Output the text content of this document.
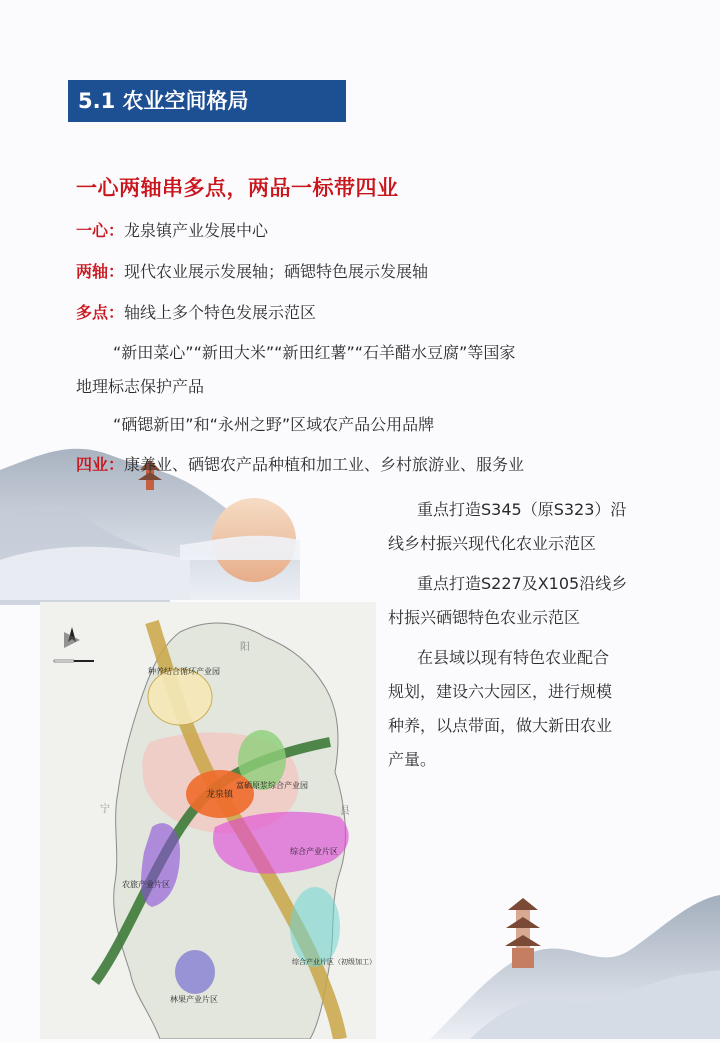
5.1 农业空间格局
一心两轴串多点，两品一标带四业
一心：龙泉镇产业发展中心
两轴：现代农业展示发展轴；硒锶特色展示发展轴
多点：轴线上多个特色发展示范区
“新田菜心”“新田大米”“新田红薯”“石羊醋水豆腐”等国家
地理标志保护产品
“硒锶新田”和“永州之野”区域农产品公用品牌
四业：康养业、硒锶农产品种植和加工业、乡村旅游业、服务业
重点打造S345（原S323）沿
线乡村振兴现代化农业示范区
重点打造S227及X105沿线乡
村振兴硒锶特色农业示范区
在县域以现有特色农业配合
规划，建设六大园区，进行规模
种养，以点带面，做大新田农业
产量。
种养结合循环产业园
富硒原浆综合产业园
龙泉镇
综合产业片区
农旅产业片区
综合产业片区（初级加工）
林果产业片区
阳
县
宁
